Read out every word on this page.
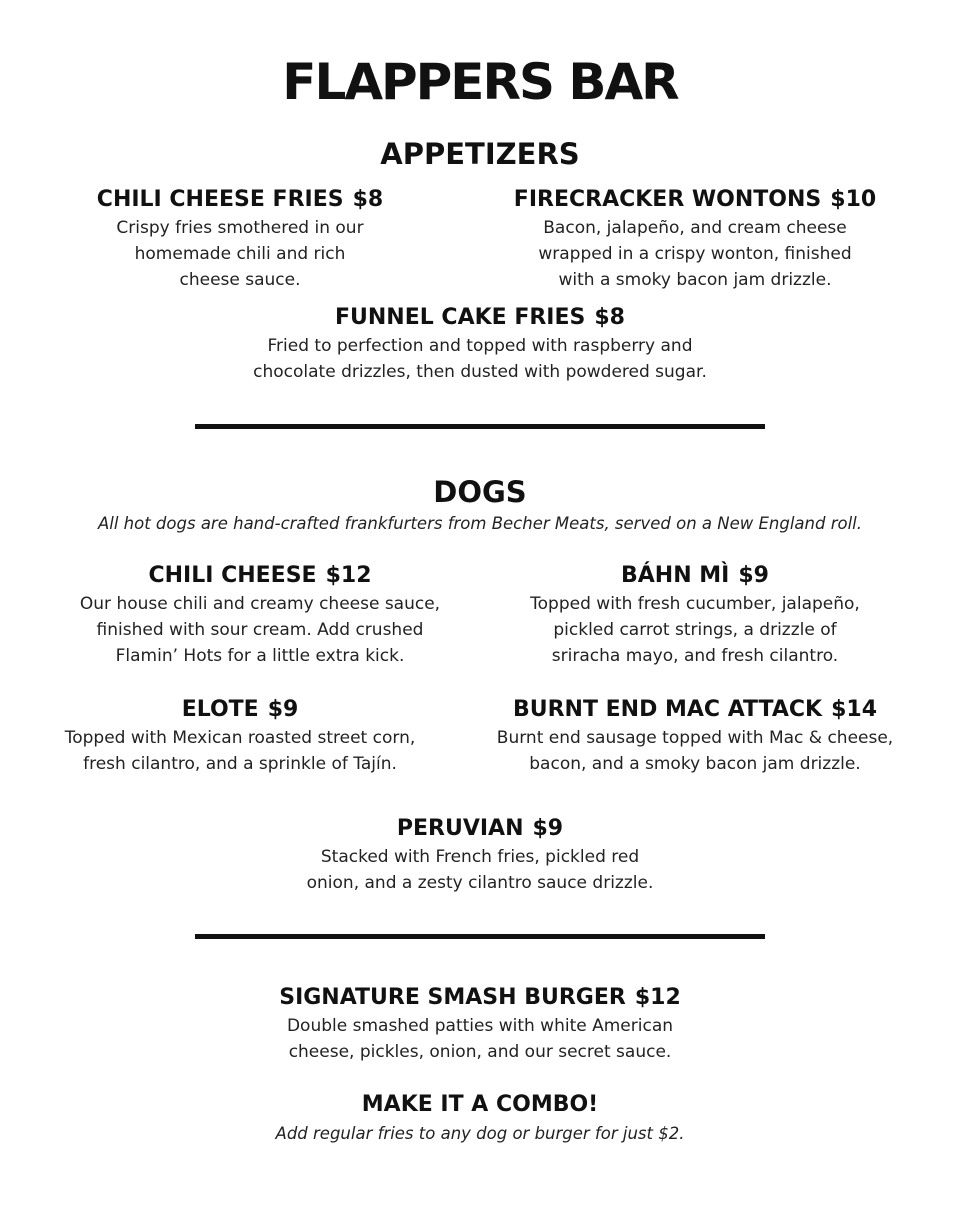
FLAPPERS BAR
APPETIZERS
CHILI CHEESE FRIES $8
Crispy fries smothered in our
homemade chili and rich
cheese sauce.
FIRECRACKER WONTONS $10
Bacon, jalapeño, and cream cheese
wrapped in a crispy wonton, finished
with a smoky bacon jam drizzle.
FUNNEL CAKE FRIES $8
Fried to perfection and topped with raspberry and
chocolate drizzles, then dusted with powdered sugar.
DOGS
All hot dogs are hand-crafted frankfurters from Becher Meats, served on a New England roll.
CHILI CHEESE $12
Our house chili and creamy cheese sauce,
finished with sour cream. Add crushed
Flamin’ Hots for a little extra kick.
BÁHN MÌ $9
Topped with fresh cucumber, jalapeño,
pickled carrot strings, a drizzle of
sriracha mayo, and fresh cilantro.
ELOTE $9
Topped with Mexican roasted street corn,
fresh cilantro, and a sprinkle of Tajín.
BURNT END MAC ATTACK $14
Burnt end sausage topped with Mac & cheese,
bacon, and a smoky bacon jam drizzle.
PERUVIAN $9
Stacked with French fries, pickled red
onion, and a zesty cilantro sauce drizzle.
SIGNATURE SMASH BURGER $12
Double smashed patties with white American
cheese, pickles, onion, and our secret sauce.
MAKE IT A COMBO!
Add regular fries to any dog or burger for just $2.
